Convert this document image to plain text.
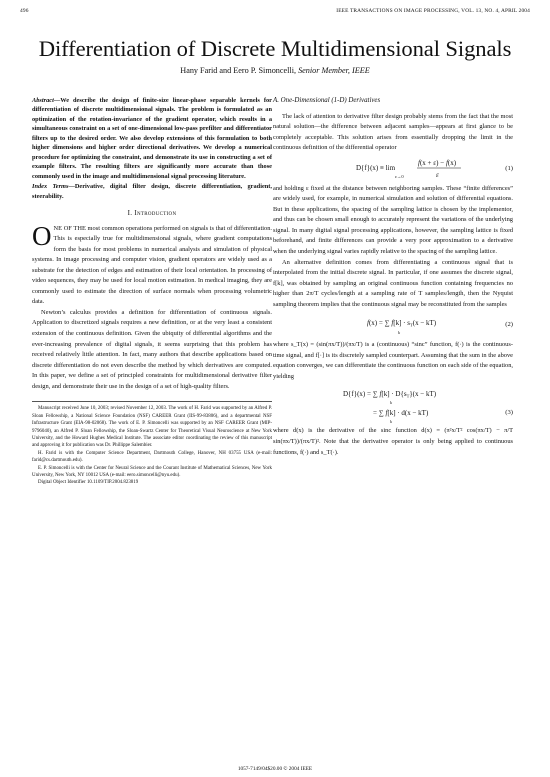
496	IEEE TRANSACTIONS ON IMAGE PROCESSING, VOL. 13, NO. 4, APRIL 2004
Differentiation of Discrete Multidimensional Signals
Hany Farid and Eero P. Simoncelli, Senior Member, IEEE
Abstract—We describe the design of finite-size linear-phase separable kernels for differentiation of discrete multidimensional signals. The problem is formulated as an optimization of the rotation-invariance of the gradient operator, which results in a simultaneous constraint on a set of one-dimensional low-pass prefilter and differentiator filters up to the desired order. We also develop extensions of this formulation to both higher dimensions and higher order directional derivatives. We develop a numerical procedure for optimizing the constraint, and demonstrate its use in constructing a set of example filters. The resulting filters are significantly more accurate than those commonly used in the image and multidimensional signal processing literature.
Index Terms—Derivative, digital filter design, discrete differentiation, gradient, steerability.
I. Introduction

ONE OF THE most common operations performed on signals is that of differentiation. This is especially true for multidimensional signals, where gradient computations form the basis for most problems in numerical analysis and simulation of physical systems. In image processing and computer vision, gradient operators are widely used as a substrate for the detection of edges and estimation of their local orientation. In processing of video sequences, they may be used for local motion estimation. In medical imaging, they are commonly used to estimate the direction of surface normals when processing volumetric data.

Newton’s calculus provides a definition for differentiation of continuous signals. Application to discretized signals requires a new definition, or at the very least a consistent extension of the continuous definition. Given the ubiquity of differential algorithms and the ever-increasing prevalence of digital signals, it seems surprising that this problem has received relatively little attention. In fact, many authors that describe applications based on discrete differentiation do not even describe the method by which derivatives are computed. In this paper, we define a set of principled constraints for multidimensional derivative filter design, and demonstrate their use in the design of a set of high-quality filters.

Manuscript received June 10, 2003; revised November 12, 2003. The work of H. Farid was supported by an Alfred P. Sloan Fellowship, a National Science Foundation (NSF) CAREER Grant (IIS-99-83806), and a departmental NSF Infrastructure Grant (EIA-98-02068). The work of E. P. Simoncelli was supported by an NSF CAREER Grant (MIP-9796040), an Alfred P. Sloan Fellowship, the Sloan-Swartz Center for Theoretical Visual Neuroscience at New York University, and the Howard Hughes Medical Institute. The associate editor coordinating the review of this manuscript and approving it for publication was Dr. Phillippe Salembier.
H. Farid is with the Computer Science Department, Dartmouth College, Hanover, NH 03755 USA (e-mail: farid@cs.dartmouth.edu).
E. P. Simoncelli is with the Center for Neural Science and the Courant Institute of Mathematical Sciences, New York University, New York, NY 10012 USA (e-mail: eero.simoncelli@nyu.edu).
Digital Object Identifier 10.1109/TIP.2004.823819
A. One-Dimensional (1-D) Derivatives

The lack of attention to derivative filter design probably stems from the fact that the most natural solution—the difference between adjacent samples—appears at first glance to be completely acceptable. This solution arises from essentially dropping the limit in the continuous definition of the differential operator

D{f}(x) ≡ lim
ε→0
f(x + ε) − f(x)
ε
(1)

and holding ε fixed at the distance between neighboring samples. These “finite differences” are widely used, for example, in numerical simulation and solution of differential equations. But in these applications, the spacing of the sampling lattice is chosen by the implementor, and thus can be chosen small enough to accurately represent the variations of the underlying signal. In many digital signal processing applications, however, the sampling lattice is fixed beforehand, and finite differences can provide a very poor approximation to a derivative when the underlying signal varies rapidly relative to the spacing of the sampling lattice.

An alternative definition comes from differentiating a continuous signal that is interpolated from the initial discrete signal. In particular, if one assumes the discrete signal, f[k], was obtained by sampling an original continuous function containing frequencies no higher than 2π/T cycles/length at a sampling rate of T samples/length, then the Nyquist sampling theorem implies that the continuous signal may be reconstituted from the samples

f(x) = ∑ $f[k] \cdot s_T(x - kT)$
k
(2)

where s_T(x) = (sin(πx/T))/(πx/T) is a (continuous) “sinc” function, f(·) is the continuous-time signal, and f[·] is its discretely sampled counterpart. Assuming that the sum in the above equation converges, we can differentiate the continuous function on each side of the equation, yielding

D{f}(x) = ∑ $f[k] \cdot D\{s_T\}(x - kT)$
k
= ∑ f[k] · d(x − kT)
k
(3)

where d(x) is the derivative of the sinc function d(x) = (π²x/T² cos(πx/T) − π/T sin(πx/T))/(πx/T)². Note that the derivative operator is only being applied to continuous functions, f(·) and s_T(·).

1057-7149/04$20.00 © 2004 IEEE
